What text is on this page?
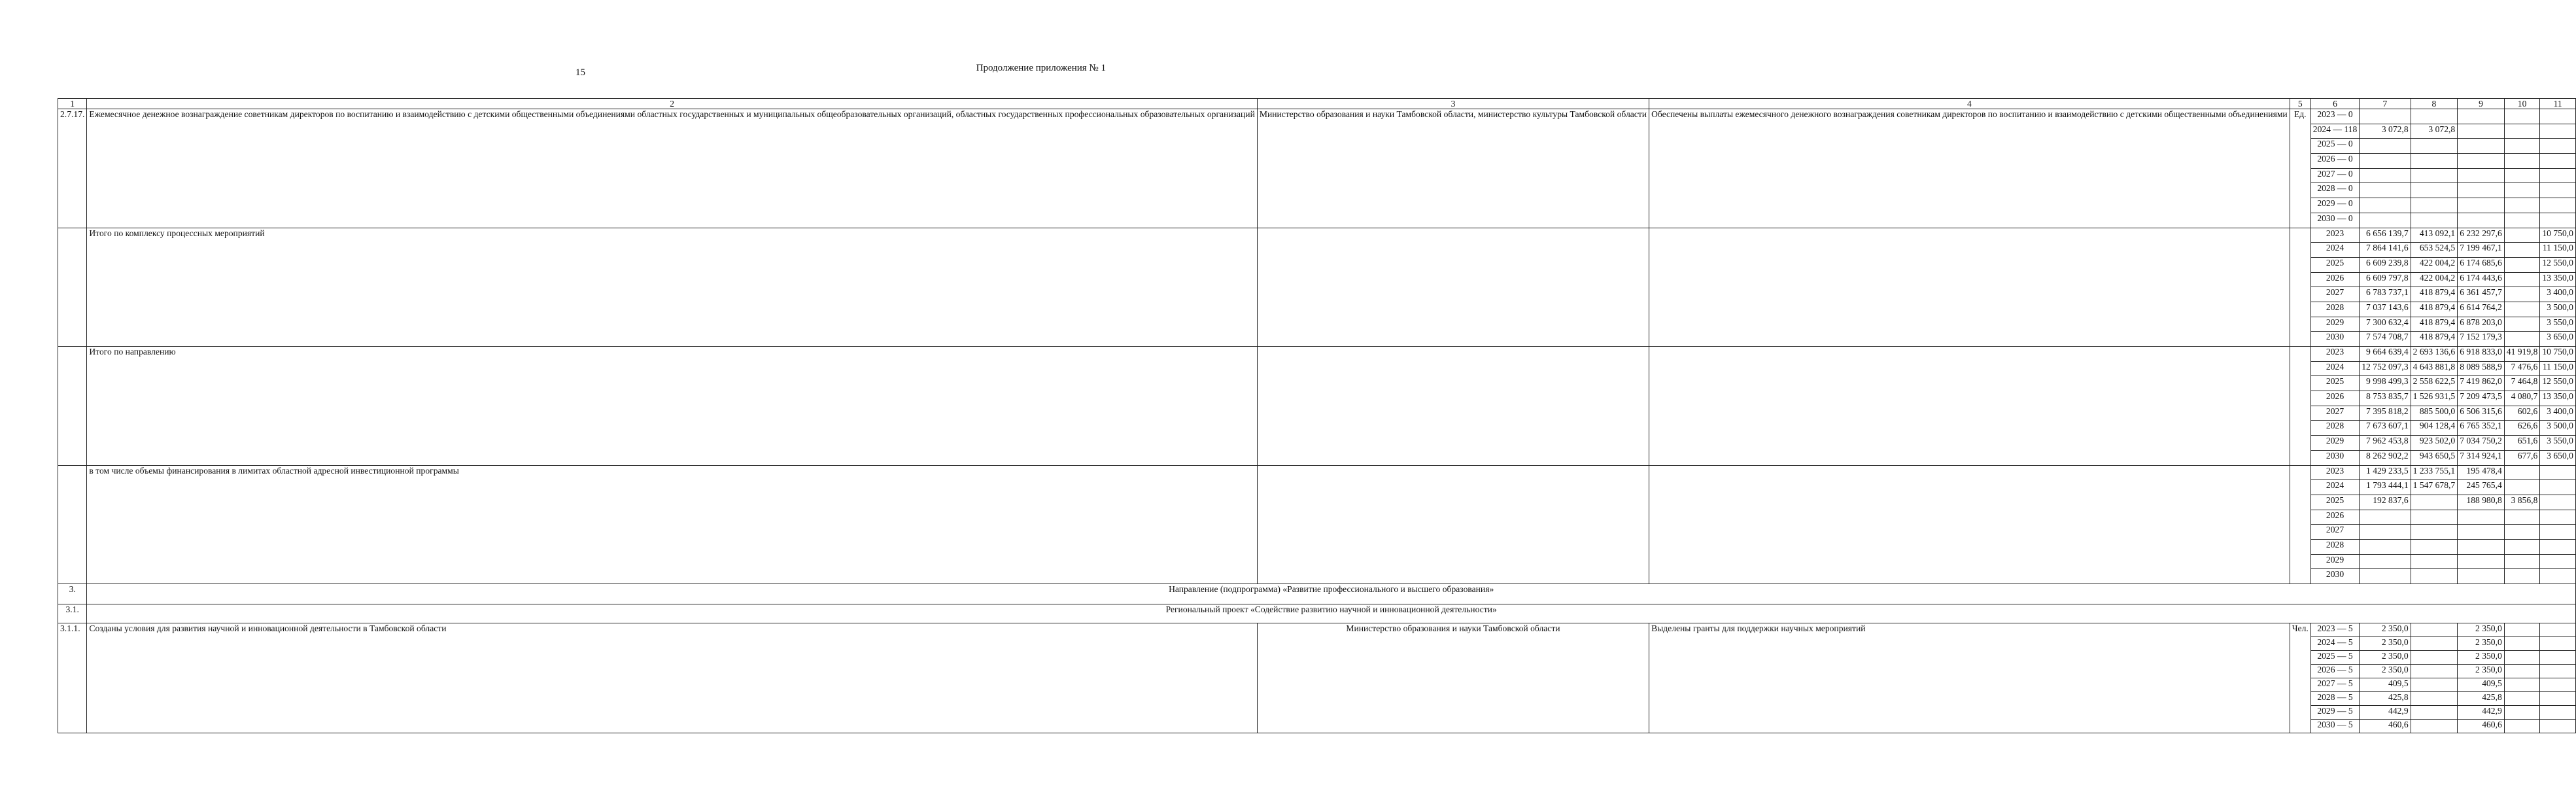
15	Продолжение приложения № 1
1	2	3	4	5	6	7	8	9	10	11
2.7.17.	Ежемесячное денежное вознаграждение советникам директоров по воспитанию и взаимодействию с детскими общественными объединениями областных государственных и муниципальных общеобразовательных организаций, областных государственных профессиональных образовательных организаций	Министерство образования и науки Тамбовской области, министерство культуры Тамбовской области	Обеспечены выплаты ежемесячного денежного вознаграждения советникам директоров по воспитанию и взаимодействию с детскими общественными объединениями	Ед.	2023 — 0					
					2024 — 118	3 072,8	3 072,8			
					2025 — 0					
					2026 — 0					
					2027 — 0					
					2028 — 0					
					2029 — 0					
					2030 — 0					
	Итого по комплексу процессных мероприятий				2023	6 656 139,7	413 092,1	6 232 297,6		10 750,0
					2024	7 864 141,6	653 524,5	7 199 467,1		11 150,0
					2025	6 609 239,8	422 004,2	6 174 685,6		12 550,0
					2026	6 609 797,8	422 004,2	6 174 443,6		13 350,0
					2027	6 783 737,1	418 879,4	6 361 457,7		3 400,0
					2028	7 037 143,6	418 879,4	6 614 764,2		3 500,0
					2029	7 300 632,4	418 879,4	6 878 203,0		3 550,0
					2030	7 574 708,7	418 879,4	7 152 179,3		3 650,0
	Итого по направлению				2023	9 664 639,4	2 693 136,6	6 918 833,0	41 919,8	10 750,0
					2024	12 752 097,3	4 643 881,8	8 089 588,9	7 476,6	11 150,0
					2025	9 998 499,3	2 558 622,5	7 419 862,0	7 464,8	12 550,0
					2026	8 753 835,7	1 526 931,5	7 209 473,5	4 080,7	13 350,0
					2027	7 395 818,2	885 500,0	6 506 315,6	602,6	3 400,0
					2028	7 673 607,1	904 128,4	6 765 352,1	626,6	3 500,0
					2029	7 962 453,8	923 502,0	7 034 750,2	651,6	3 550,0
					2030	8 262 902,2	943 650,5	7 314 924,1	677,6	3 650,0
	в том числе объемы финансирования в лимитах областной адресной инвестиционной программы				2023	1 429 233,5	1 233 755,1	195 478,4		
					2024	1 793 444,1	1 547 678,7	245 765,4		
					2025	192 837,6		188 980,8	3 856,8	
					2026					
					2027					
					2028					
					2029					
					2030					
3.	Направление (подпрограмма) «Развитие профессионального и высшего образования»									
3.1.	Региональный проект «Содействие развитию научной и инновационной деятельности»									
3.1.1.	Созданы условия для развития научной и инновационной деятельности в Тамбовской области	Министерство образования и науки Тамбовской области	Выделены гранты для поддержки научных мероприятий	Чел.	2023 — 5	2 350,0		2 350,0		
					2024 — 5	2 350,0		2 350,0		
					2025 — 5	2 350,0		2 350,0		
					2026 — 5	2 350,0		2 350,0		
					2027 — 5	409,5		409,5		
					2028 — 5	425,8		425,8		
					2029 — 5	442,9		442,9		
					2030 — 5	460,6		460,6		
